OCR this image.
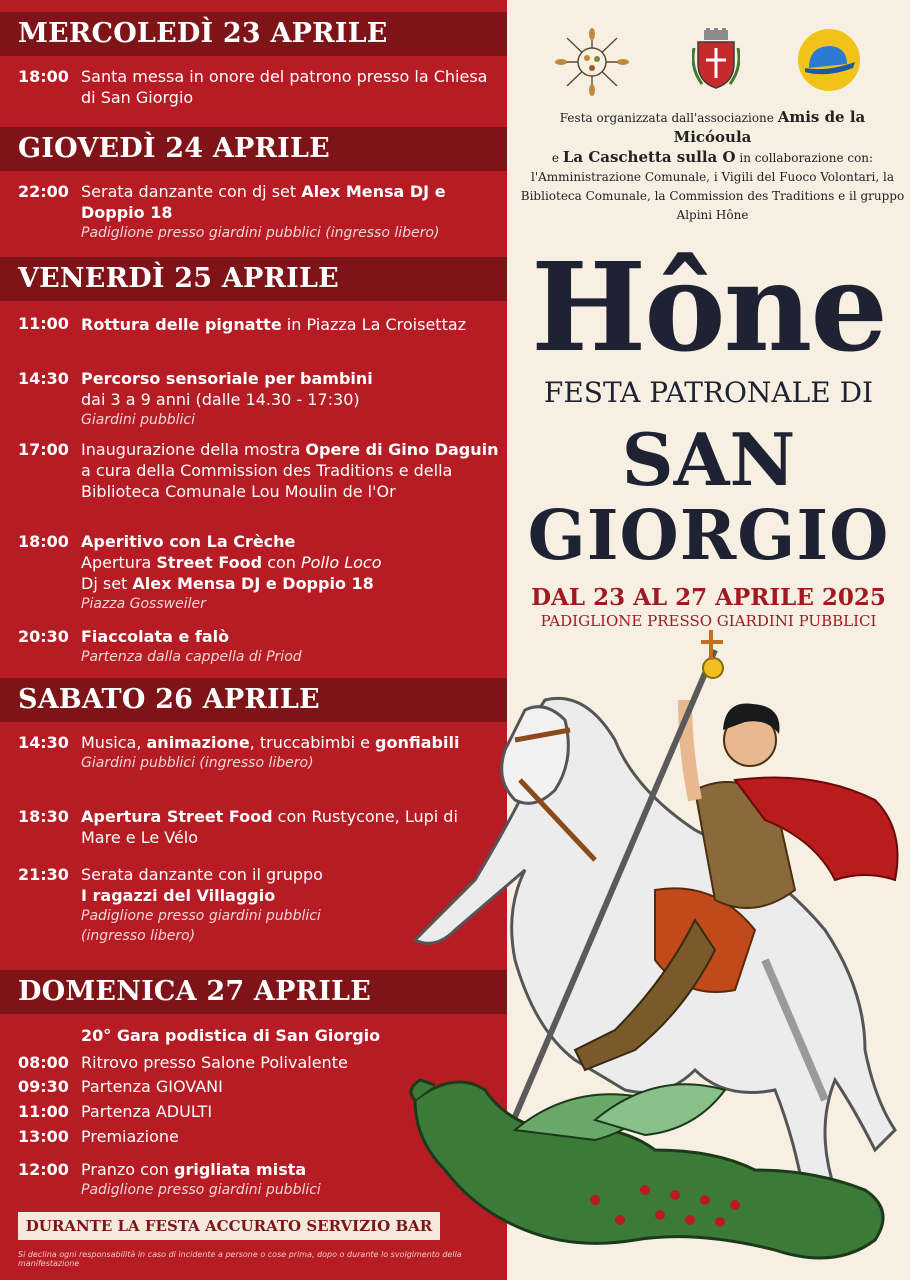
MERCOLEDÌ 23 APRILE
18:00 Santa messa in onore del patrono presso la Chiesa di San Giorgio
GIOVEDÌ 24 APRILE
22:00 Serata danzante con dj set Alex Mensa DJ e Doppio 18
Padiglione presso giardini pubblici (ingresso libero)
VENERDÌ 25 APRILE
11:00 Rottura delle pignatte in Piazza La Croisettaz
14:30 Percorso sensoriale per bambini
dai 3 a 9 anni (dalle 14.30 - 17:30)
Giardini pubblici
17:00 Inaugurazione della mostra Opere di Gino Daguin a cura della Commission des Traditions e della Biblioteca Comunale Lou Moulin de l'Or
18:00 Aperitivo con La Crèche
Apertura Street Food con Pollo Loco
Dj set Alex Mensa DJ e Doppio 18
Piazza Gossweiler
20:30 Fiaccolata e falò
Partenza dalla cappella di Priod
SABATO 26 APRILE
14:30 Musica, animazione, truccabimbi e gonfiabili
Giardini pubblici (ingresso libero)
18:30 Apertura Street Food con Rustycone, Lupi di Mare e Le Vélo
21:30 Serata danzante con il gruppo
I ragazzi del Villaggio
Padiglione presso giardini pubblici (ingresso libero)
DOMENICA 27 APRILE
20° Gara podistica di San Giorgio
08:00 Ritrovo presso Salone Polivalente
09:30 Partenza GIOVANI
11:00 Partenza ADULTI
13:00 Premiazione
12:00 Pranzo con grigliata mista
Padiglione presso giardini pubblici
DURANTE LA FESTA ACCURATO SERVIZIO BAR
Si declina ogni responsabilità in caso di incidente a persone o cose prima, dopo o durante lo svolgimento della manifestazione
Festa organizzata dall'associazione Amis de la Micóoula
e La Caschetta sulla O in collaborazione con:
l'Amministrazione Comunale, i Vigili del Fuoco Volontari, la Biblioteca Comunale, la Commission des Traditions e il gruppo Alpini Hône
Hône
FESTA PATRONALE DI
SAN
GIORGIO
DAL 23 AL 27 APRILE 2025
PADIGLIONE PRESSO GIARDINI PUBBLICI
